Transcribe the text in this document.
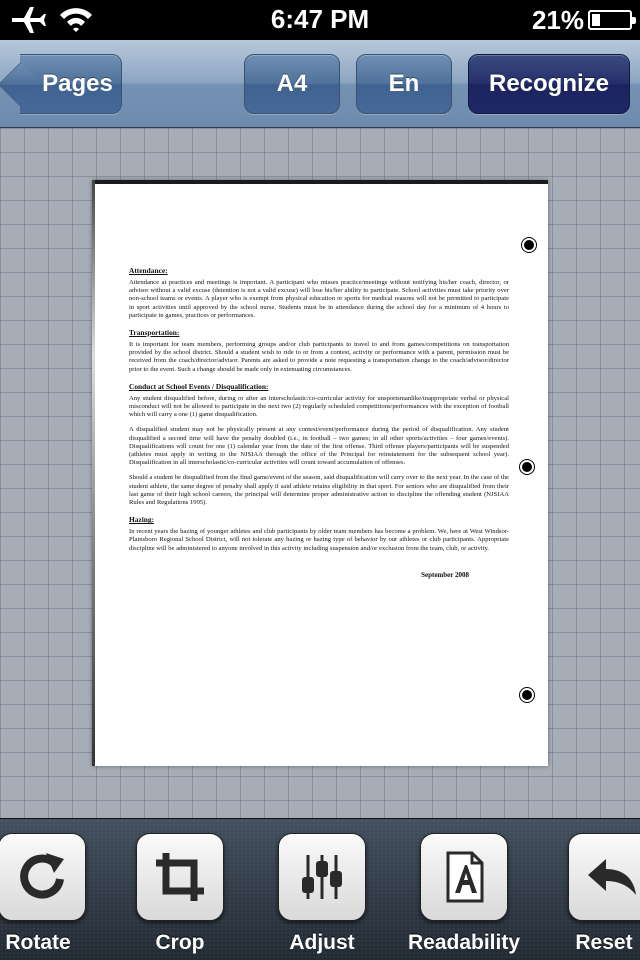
6:47 PM	21%
Pages	A4	En	Recognize
Attendance:

Attendance at practices and meetings is important. A participant who misses practice/meetings without notifying his/her coach, director, or advisor without a valid excuse (detention is not a valid excuse) will lose his/her ability to participate. School activities must take priority over non-school teams or events. A player who is exempt from physical education or sports for medical reasons will not be permitted to participate in sport activities until approved by the school nurse. Students must be in attendance during the school day for a minimum of 4 hours to participate in games, practices or performances.

Transportation:

It is important for team members, performing groups and/or club participants to travel to and from games/competitions on transportation provided by the school district. Should a student wish to ride to or from a contest, activity or performance with a parent, permission must be received from the coach/director/advisor. Parents are asked to provide a note requesting a transportation change to the coach/advisor/director prior to the event. Such a change should be made only in extenuating circumstances.

Conduct at School Events / Disqualification:

Any student disqualified before, during or after an interscholastic/co-curricular activity for unsportsmanlike/inappropriate verbal or physical misconduct will not be allowed to participate in the next two (2) regularly scheduled competitions/performances with the exception of football which will carry a one (1) game disqualification.

A disqualified student may not be physically present at any contest/event/performance during the period of disqualification. Any student disqualified a second time will have the penalty doubled (i.e., in football – two games; in all other sports/activities – four games/events). Disqualifications will count for one (1) calendar year from the date of the first offense. Third offense players/participants will be suspended (athletes must apply in writing to the NJSIAA through the office of the Principal for reinstatement for the subsequent school year). Disqualification in all interscholastic/co-curricular activities will count toward accumulation of offenses.

Should a student be disqualified from the final game/event of the season, said disqualification will carry over to the next year. In the case of the student athlete, the same degree of penalty shall apply if said athlete retains eligibility in that sport. For seniors who are disqualified from their last game of their high school careers, the principal will determine proper administrative action to discipline the offending student (NJSIAA Rules and Regulations 1995).

Hazing:

In recent years the hazing of younger athletes and club participants by older team members has become a problem. We, here at West Windsor-Plainsboro Regional School District, will not tolerate any hazing or hazing type of behavior by our athletes or club participants. Appropriate discipline will be administered to anyone involved in this activity including suspension and/or exclusion from the team, club, or activity.

September 2008
Rotate	Crop	Adjust	Readability	Reset
